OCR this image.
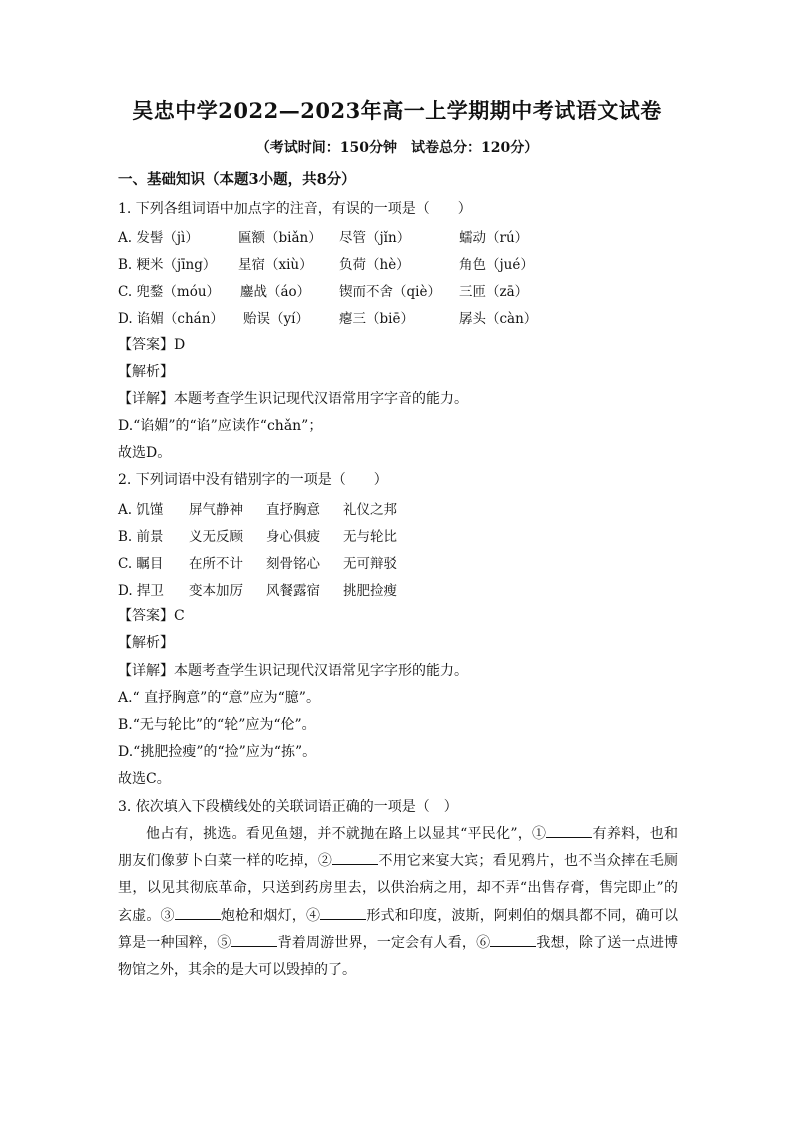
吴忠中学2022—2023年高一上学期期中考试语文试卷
（考试时间：150分钟　试卷总分：120分）
一、基础知识（本题3小题，共8分）
1. 下列各组词语中加点字的注音，有误的一项是（　　）
A. 发髻（jì）	匾额（biǎn） 尽管（jǐn）	蠕动（rú）
B. 粳米（jīng） 星宿（xiù） 负荷（hè）	角色（jué）
C. 兜鍪（móu） 鏖战（áo） 锲而不舍（qiè） 三匝（zā）
D. 谄媚（chán） 贻误（yí） 瘪三（biē）	孱头（càn）
【答案】D
【解析】
【详解】本题考查学生识记现代汉语常用字字音的能力。
D.“谄媚”的“谄”应读作“chǎn”；
故选D。
2. 下列词语中没有错别字的一项是（　　）
A. 饥馑 屏气静神 直抒胸意 礼仪之邦
B. 前景 义无反顾 身心俱疲 无与轮比
C. 瞩目 在所不计 刻骨铭心 无可辩驳
D. 捍卫 变本加厉 风餐露宿 挑肥捡瘦
【答案】C
【解析】
【详解】本题考查学生识记现代汉语常见字字形的能力。
A.“ 直抒胸意”的“意”应为“臆”。
B.“无与轮比”的“轮”应为“伦”。
D.“挑肥捡瘦”的“捡”应为“拣”。
故选C。
3. 依次填入下段横线处的关联词语正确的一项是（　）
他占有，挑选。看见鱼翅，并不就抛在路上以显其“平民化”，①	有养料，也和朋友们像萝卜白菜一样的吃掉，②	不用它来宴大宾；看见鸦片，也不当众摔在毛厕里，以见其彻底革命，只送到药房里去，以供治病之用，却不弄“出售存膏，售完即止”的玄虚。③	炮枪和烟灯，④	形式和印度，波斯，阿剌伯的烟具都不同，确可以算是一种国粹，⑤	背着周游世界，一定会有人看，⑥	我想，除了送一点进博物馆之外，其余的是大可以毁掉的了。
